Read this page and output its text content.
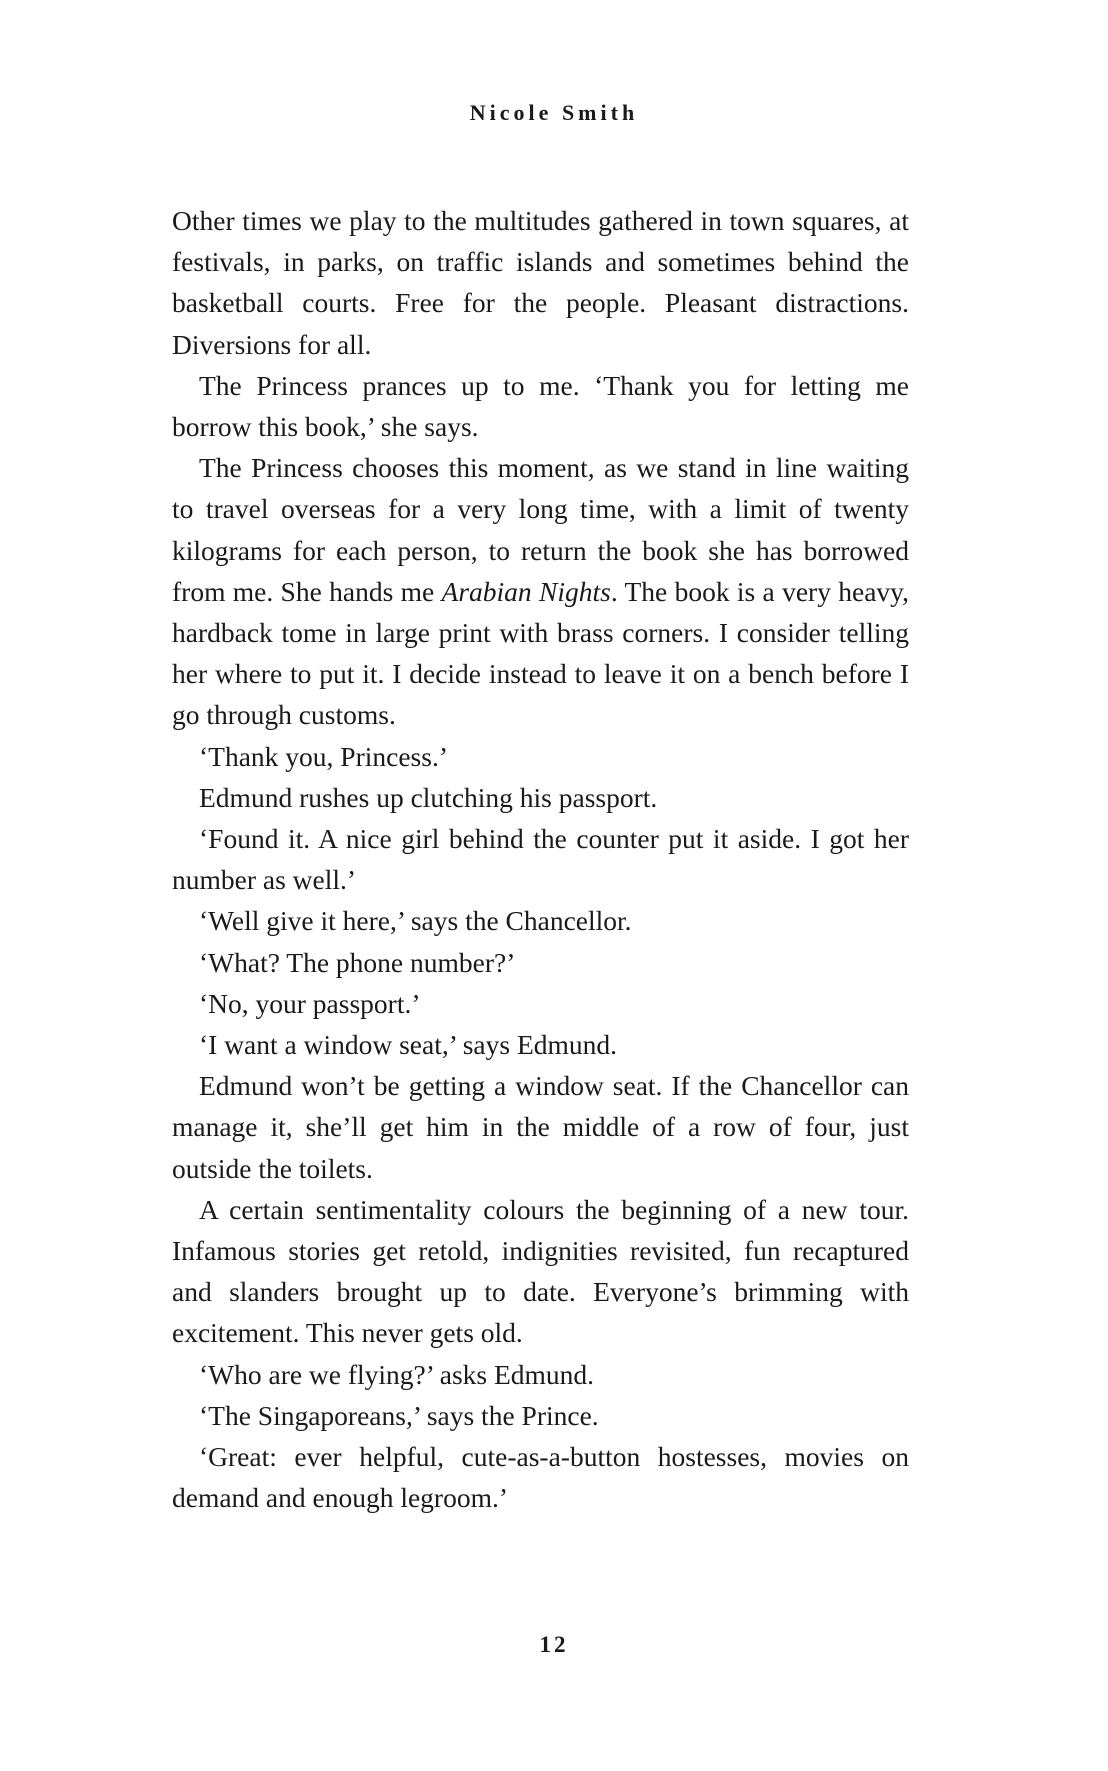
Nicole Smith

Other times we play to the multitudes gathered in town squares, at festivals, in parks, on traffic islands and sometimes behind the basketball courts. Free for the people. Pleasant distractions. Diversions for all.

The Princess prances up to me. ‘Thank you for letting me borrow this book,’ she says.

The Princess chooses this moment, as we stand in line waiting to travel overseas for a very long time, with a limit of twenty kilograms for each person, to return the book she has borrowed from me. She hands me Arabian Nights. The book is a very heavy, hardback tome in large print with brass corners. I consider telling her where to put it. I decide instead to leave it on a bench before I go through customs.

‘Thank you, Princess.’

Edmund rushes up clutching his passport.

‘Found it. A nice girl behind the counter put it aside. I got her number as well.’

‘Well give it here,’ says the Chancellor.

‘What? The phone number?’

‘No, your passport.’

‘I want a window seat,’ says Edmund.

Edmund won’t be getting a window seat. If the Chancellor can manage it, she’ll get him in the middle of a row of four, just outside the toilets.

A certain sentimentality colours the beginning of a new tour. Infamous stories get retold, indignities revisited, fun recaptured and slanders brought up to date. Everyone’s brimming with excitement. This never gets old.

‘Who are we flying?’ asks Edmund.

‘The Singaporeans,’ says the Prince.

‘Great: ever helpful, cute-as-a-button hostesses, movies on demand and enough legroom.’

12
